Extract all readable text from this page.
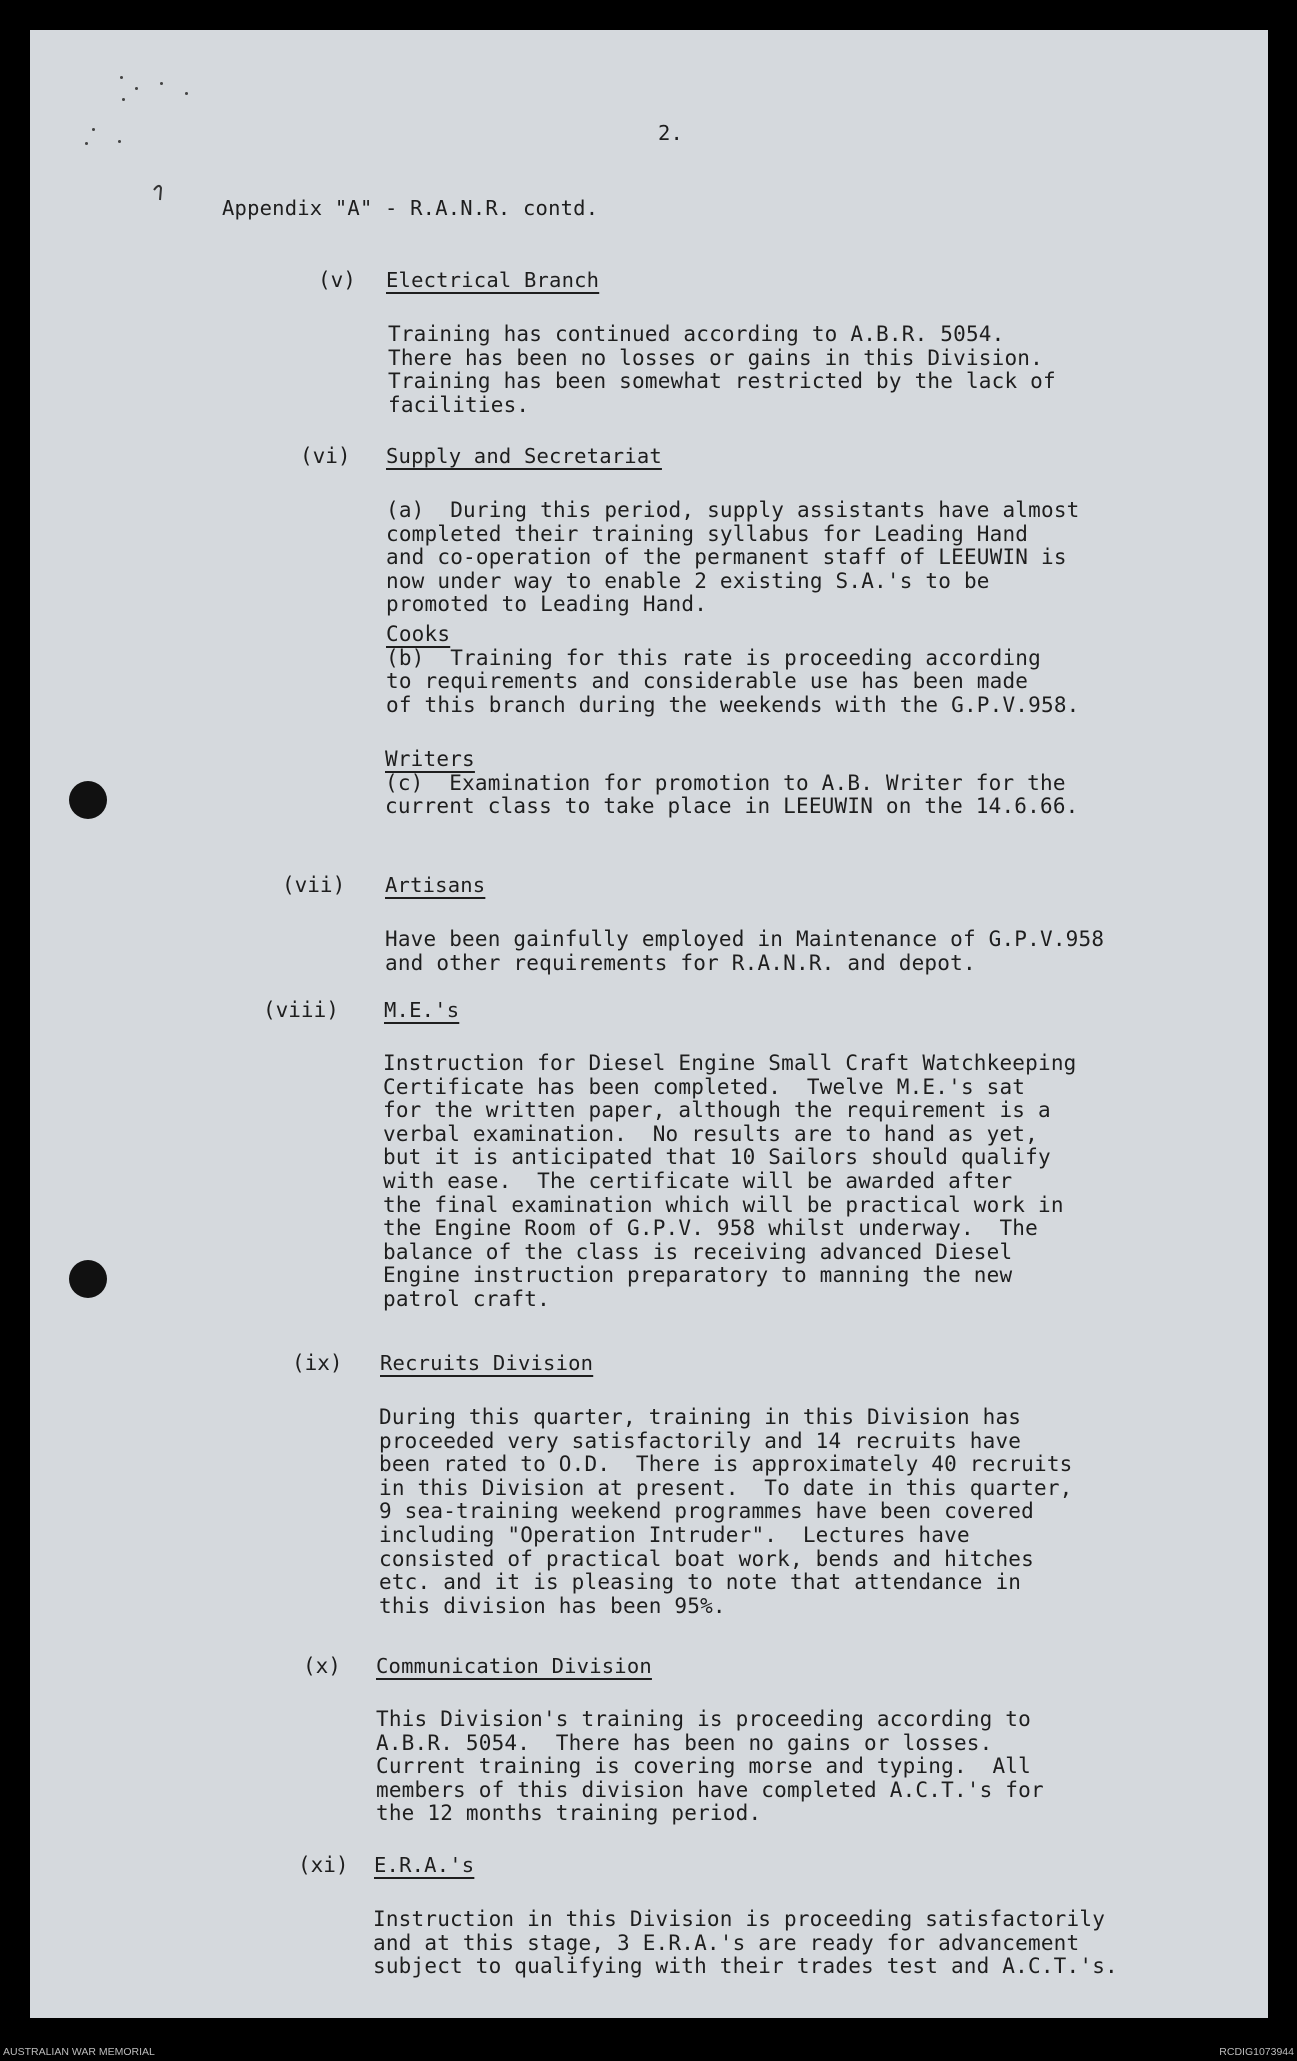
2.
Appendix "A" - R.A.N.R. contd.
(v) Electrical Branch
Training has continued according to A.B.R. 5054.
There has been no losses or gains in this Division.
Training has been somewhat restricted by the lack of
facilities.
(vi) Supply and Secretariat
(a)  During this period, supply assistants have almost
completed their training syllabus for Leading Hand
and co-operation of the permanent staff of LEEUWIN is
now under way to enable 2 existing S.A.'s to be
promoted to Leading Hand.
Cooks
(b)  Training for this rate is proceeding according
to requirements and considerable use has been made
of this branch during the weekends with the G.P.V.958.
Writers
(c)  Examination for promotion to A.B. Writer for the
current class to take place in LEEUWIN on the 14.6.66.
(vii) Artisans
Have been gainfully employed in Maintenance of G.P.V.958
and other requirements for R.A.N.R. and depot.
(viii) M.E.'s
Instruction for Diesel Engine Small Craft Watchkeeping
Certificate has been completed.  Twelve M.E.'s sat
for the written paper, although the requirement is a
verbal examination.  No results are to hand as yet,
but it is anticipated that 10 Sailors should qualify
with ease.  The certificate will be awarded after
the final examination which will be practical work in
the Engine Room of G.P.V. 958 whilst underway.  The
balance of the class is receiving advanced Diesel
Engine instruction preparatory to manning the new
patrol craft.
(ix) Recruits Division
During this quarter, training in this Division has
proceeded very satisfactorily and 14 recruits have
been rated to O.D.  There is approximately 40 recruits
in this Division at present.  To date in this quarter,
9 sea-training weekend programmes have been covered
including "Operation Intruder".  Lectures have
consisted of practical boat work, bends and hitches
etc. and it is pleasing to note that attendance in
this division has been 95%.
(x) Communication Division
This Division's training is proceeding according to
A.B.R. 5054.  There has been no gains or losses.
Current training is covering morse and typing.  All
members of this division have completed A.C.T.'s for
the 12 months training period.
(xi) E.R.A.'s
Instruction in this Division is proceeding satisfactorily
and at this stage, 3 E.R.A.'s are ready for advancement
subject to qualifying with their trades test and A.C.T.'s.
AUSTRALIAN WAR MEMORIAL	RCDIG1073944
